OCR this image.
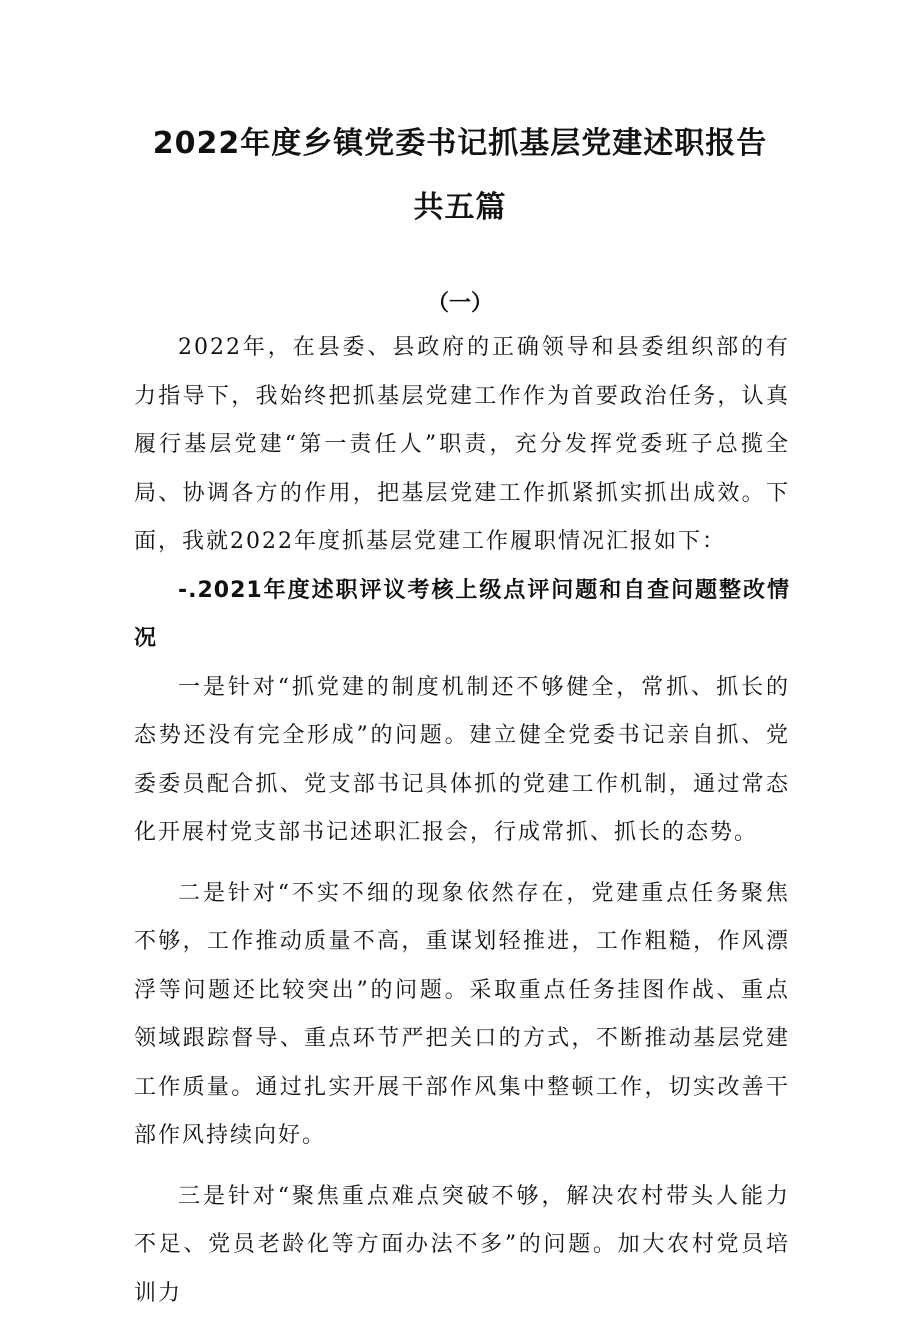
2022年度乡镇党委书记抓基层党建述职报告
共五篇
（一）

2022年，在县委、县政府的正确领导和县委组织部的有力指导下，我始终把抓基层党建工作作为首要政治任务，认真履行基层党建“第一责任人”职责，充分发挥党委班子总揽全局、协调各方的作用，把基层党建工作抓紧抓实抓出成效。下面，我就2022年度抓基层党建工作履职情况汇报如下：

-.2021年度述职评议考核上级点评问题和自查问题整改情况

一是针对“抓党建的制度机制还不够健全，常抓、抓长的态势还没有完全形成”的问题。建立健全党委书记亲自抓、党委委员配合抓、党支部书记具体抓的党建工作机制，通过常态化开展村党支部书记述职汇报会，行成常抓、抓长的态势。

二是针对“不实不细的现象依然存在，党建重点任务聚焦不够，工作推动质量不高，重谋划轻推进，工作粗糙，作风漂浮等问题还比较突出”的问题。采取重点任务挂图作战、重点领域跟踪督导、重点环节严把关口的方式，不断推动基层党建工作质量。通过扎实开展干部作风集中整顿工作，切实改善干部作风持续向好。

三是针对“聚焦重点难点突破不够，解决农村带头人能力不足、党员老龄化等方面办法不多”的问题。加大农村党员培训力
